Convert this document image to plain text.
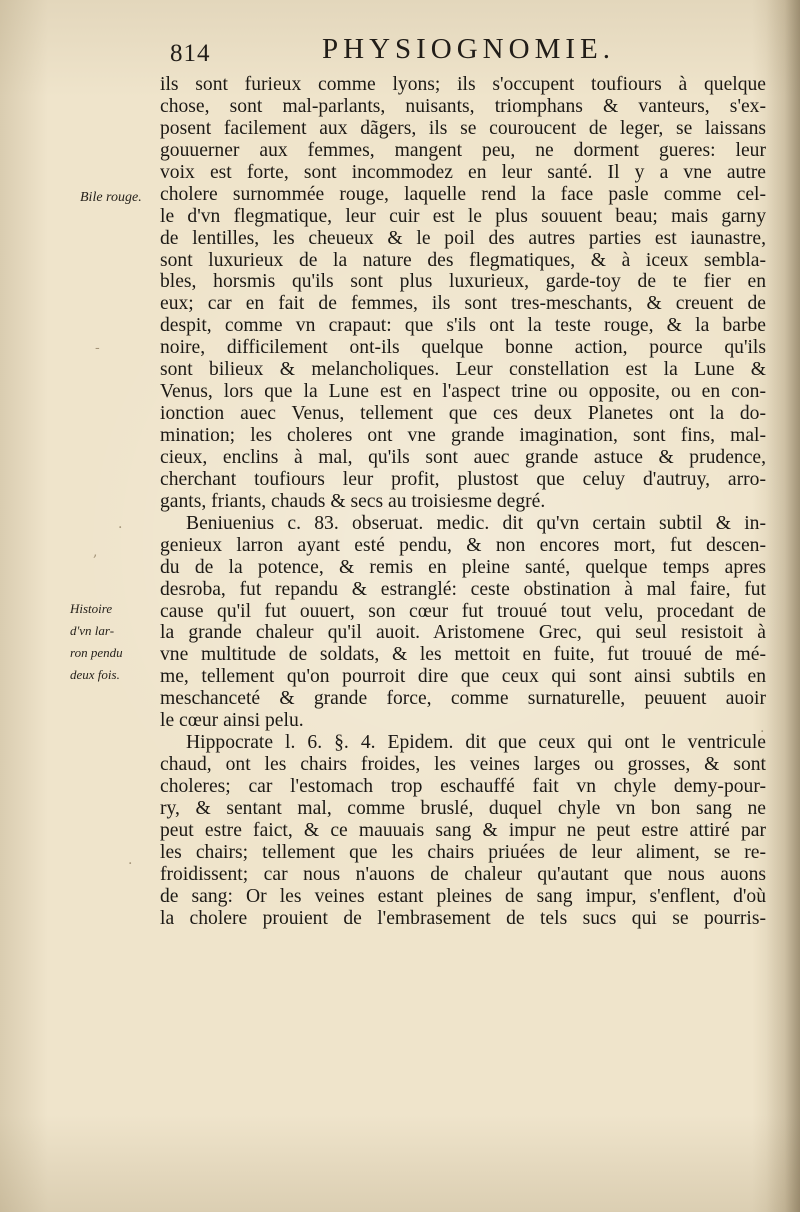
814	PHYSIOGNOMIE.
Bile rouge.
Histoire
d'vn lar-
ron pendu
deux fois.
·
,
·
-
.
ils sont furieux comme lyons; ils s'occupent toufiours à quelque
chose, sont mal-parlants, nuisants, triomphans & vanteurs, s'ex-
posent facilement aux dãgers, ils se couroucent de leger, se laissans
gouuerner aux femmes, mangent peu, ne dorment gueres: leur
voix est forte, sont incommodez en leur santé. Il y a vne autre
cholere surnommée rouge, laquelle rend la face pasle comme cel-
le d'vn flegmatique, leur cuir est le plus souuent beau; mais garny
de lentilles, les cheueux & le poil des autres parties est iaunastre,
sont luxurieux de la nature des flegmatiques, & à iceux sembla-
bles, horsmis qu'ils sont plus luxurieux, garde-toy de te fier en
eux; car en fait de femmes, ils sont tres-meschants, & creuent de
despit, comme vn crapaut: que s'ils ont la teste rouge, & la barbe
noire, difficilement ont-ils quelque bonne action, pource qu'ils
sont bilieux & melancholiques. Leur constellation est la Lune &
Venus, lors que la Lune est en l'aspect trine ou opposite, ou en con-
ionction auec Venus, tellement que ces deux Planetes ont la do-
mination; les choleres ont vne grande imagination, sont fins, mal-
cieux, enclins à mal, qu'ils sont auec grande astuce & prudence,
cherchant toufiours leur profit, plustost que celuy d'autruy, arro-
gants, friants, chauds & secs au troisiesme degré.
Beniuenius c. 83. obseruat. medic. dit qu'vn certain subtil & in-
genieux larron ayant esté pendu, & non encores mort, fut descen-
du de la potence, & remis en pleine santé, quelque temps apres
desroba, fut repandu & estranglé: ceste obstination à mal faire, fut
cause qu'il fut ouuert, son cœur fut trouué tout velu, procedant de
la grande chaleur qu'il auoit. Aristomene Grec, qui seul resistoit à
vne multitude de soldats, & les mettoit en fuite, fut trouué de mé-
me, tellement qu'on pourroit dire que ceux qui sont ainsi subtils en
meschanceté & grande force, comme surnaturelle, peuuent auoir
le cœur ainsi pelu.
Hippocrate l. 6. §. 4. Epidem. dit que ceux qui ont le ventricule
chaud, ont les chairs froides, les veines larges ou grosses, & sont
choleres; car l'estomach trop eschauffé fait vn chyle demy-pour-
ry, & sentant mal, comme bruslé, duquel chyle vn bon sang ne
peut estre faict, & ce mauuais sang & impur ne peut estre attiré par
les chairs; tellement que les chairs priuées de leur aliment, se re-
froidissent; car nous n'auons de chaleur qu'autant que nous auons
de sang: Or les veines estant pleines de sang impur, s'enflent, d'où
la cholere prouient de l'embrasement de tels sucs qui se pourris-
